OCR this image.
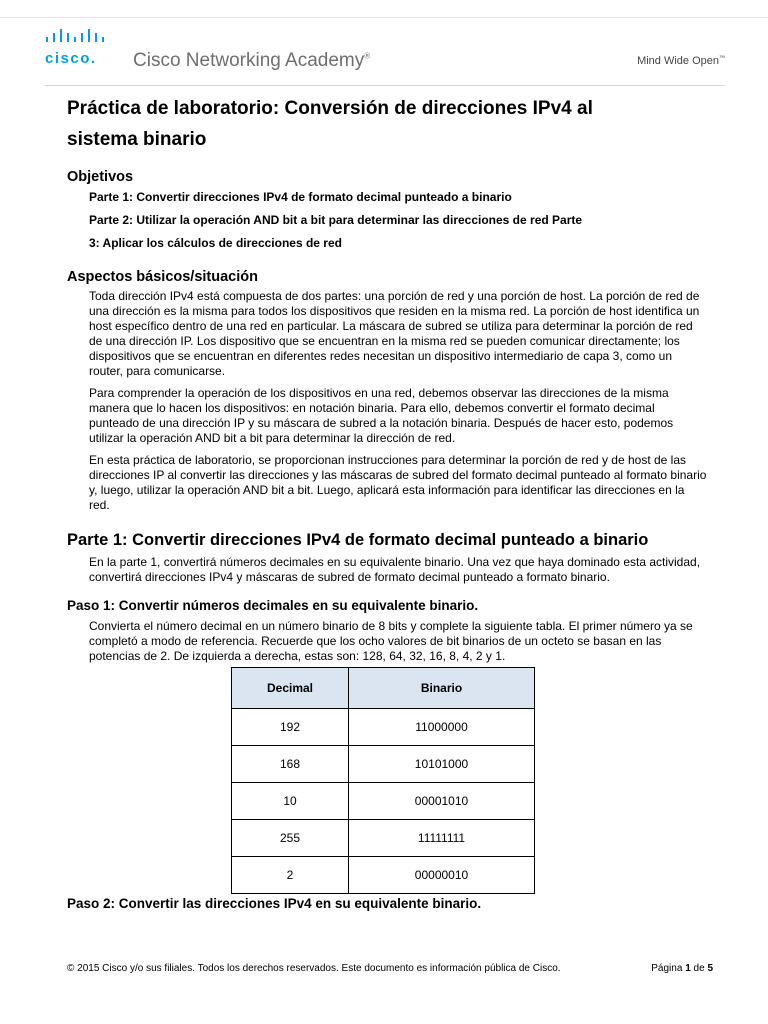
cisco. Cisco Networking Academy®	Mind Wide Open™
Práctica de laboratorio: Conversión de direcciones IPv4 al
sistema binario
Objetivos
Parte 1: Convertir direcciones IPv4 de formato decimal punteado a binario
Parte 2: Utilizar la operación AND bit a bit para determinar las direcciones de red Parte
3: Aplicar los cálculos de direcciones de red
Aspectos básicos/situación

Toda dirección IPv4 está compuesta de dos partes: una porción de red y una porción de host. La porción de red de una dirección es la misma para todos los dispositivos que residen en la misma red. La porción de host identifica un host específico dentro de una red en particular. La máscara de subred se utiliza para determinar la porción de red de una dirección IP. Los dispositivo que se encuentran en la misma red se pueden comunicar directamente; los dispositivos que se encuentran en diferentes redes necesitan un dispositivo intermediario de capa 3, como un router, para comunicarse.

Para comprender la operación de los dispositivos en una red, debemos observar las direcciones de la misma manera que lo hacen los dispositivos: en notación binaria. Para ello, debemos convertir el formato decimal punteado de una dirección IP y su máscara de subred a la notación binaria. Después de hacer esto, podemos utilizar la operación AND bit a bit para determinar la dirección de red.

En esta práctica de laboratorio, se proporcionan instrucciones para determinar la porción de red y de host de las direcciones IP al convertir las direcciones y las máscaras de subred del formato decimal punteado al formato binario y, luego, utilizar la operación AND bit a bit. Luego, aplicará esta información para identificar las direcciones en la red.

Parte 1: Convertir direcciones IPv4 de formato decimal punteado a binario

En la parte 1, convertirá números decimales en su equivalente binario. Una vez que haya dominado esta actividad, convertirá direcciones IPv4 y máscaras de subred de formato decimal punteado a formato binario.

Paso 1: Convertir números decimales en su equivalente binario.

Convierta el número decimal en un número binario de 8 bits y complete la siguiente tabla. El primer número ya se completó a modo de referencia. Recuerde que los ocho valores de bit binarios de un octeto se basan en las potencias de 2. De izquierda a derecha, estas son: 128, 64, 32, 16, 8, 4, 2 y 1.

Decimal	Binario
192	11000000
168	10101000
10	00001010
255	11111111
2	00000010
Paso 2: Convertir las direcciones IPv4 en su equivalente binario.
© 2015 Cisco y/o sus filiales. Todos los derechos reservados. Este documento es información pública de Cisco.	Página 1 de 5
